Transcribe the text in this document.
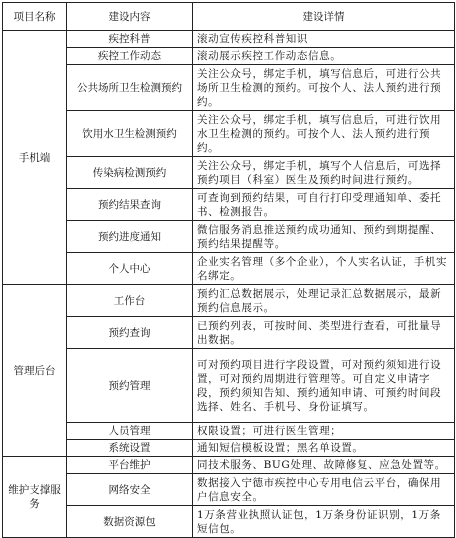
项目名称	建设内容	建设详情
手机端	疾控科普	滚动宣传疾控科普知识
	疾控工作动态	滚动展示疾控工作动态信息。
	公共场所卫生检测预约	关注公众号，绑定手机，填写信息后，可进行公共场所卫生检测的预约。可按个人、法人预约进行预约。
	饮用水卫生检测预约	关注公众号，绑定手机，填写信息后，可进行饮用水卫生检测的预约。可按个人、法人预约进行预约。
	传染病检测预约	关注公众号，绑定手机，填写个人信息后，可选择预约项目（科室）医生及预约时间进行预约。
	预约结果查询	可查询到预约结果，可自行打印受理通知单、委托书、检测报告。
	预约进度通知	微信服务消息推送预约成功通知、预约到期提醒、预约结果提醒等。
	个人中心	企业实名管理（多个企业），个人实名认证，手机实名绑定。
管理后台	工作台	预约汇总数据展示，处理记录汇总数据展示，最新预约信息展示。
	预约查询	已预约列表，可按时间、类型进行查看，可批量导出数据。
	预约管理	可对预约项目进行字段设置，可对预约须知进行设置，可对预约周期进行管理等。可自定义申请字段，预约须知告知、预约通知申请、可预约时间段选择、姓名、手机号、身份证填写。
	人员管理	权限设置；可进行医生管理；
	系统设置	通知短信模板设置；黑名单设置。
维护支撑服务	平台维护	同技术服务、BUG处理、故障修复、应急处置等。
	网络安全	数据接入宁德市疾控中心专用电信云平台，确保用户信息安全。
	数据资源包	1万条营业执照认证包，1万条身份证识别，1万条短信包。
